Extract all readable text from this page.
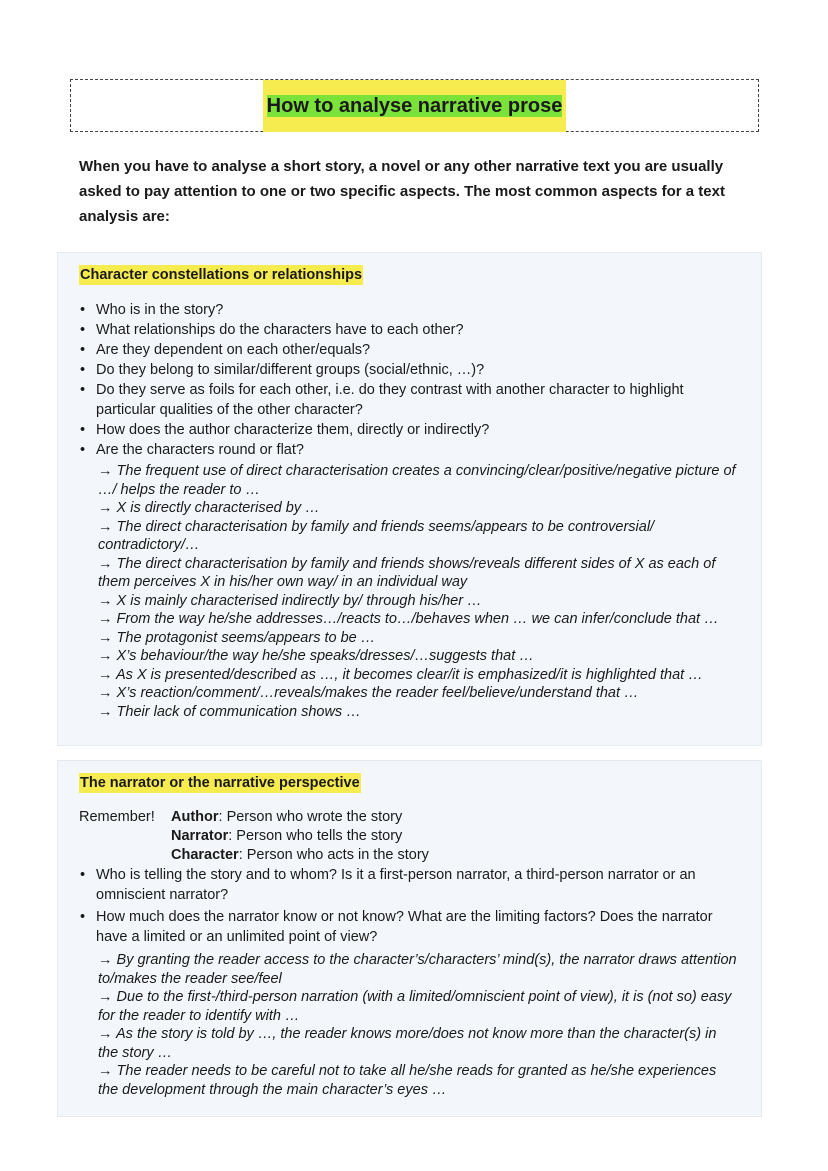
How to analyse narrative prose

When you have to analyse a short story, a novel or any other narrative text you are usually asked to pay attention to one or two specific aspects. The most common aspects for a text analysis are:

Character constellations or relationships
• Who is in the story?
• What relationships do the characters have to each other?
• Are they dependent on each other/equals?
• Do they belong to similar/different groups (social/ethnic, …)?
• Do they serve as foils for each other, i.e. do they contrast with another character to highlight particular qualities of the other character?
• How does the author characterize them, directly or indirectly?
• Are the characters round or flat?
→ The frequent use of direct characterisation creates a convincing/clear/positive/negative picture of …/ helps the reader to …
→ X is directly characterised by …
→ The direct characterisation by family and friends seems/appears to be controversial/ contradictory/…
→ The direct characterisation by family and friends shows/reveals different sides of X as each of them perceives X in his/her own way/ in an individual way
→ X is mainly characterised indirectly by/ through his/her …
→ From the way he/she addresses…/reacts to…/behaves when … we can infer/conclude that …
→ The protagonist seems/appears to be …
→ X’s behaviour/the way he/she speaks/dresses/…suggests that …
→ As X is presented/described as …, it becomes clear/it is emphasized/it is highlighted that …
→ X’s reaction/comment/…reveals/makes the reader feel/believe/understand that …
→ Their lack of communication shows …
The narrator or the narrative perspective
Remember!	Author: Person who wrote the story
Narrator: Person who tells the story
Character: Person who acts in the story
• Who is telling the story and to whom? Is it a first-person narrator, a third-person narrator or an omniscient narrator?
• How much does the narrator know or not know? What are the limiting factors? Does the narrator have a limited or an unlimited point of view?
→ By granting the reader access to the character’s/characters’ mind(s), the narrator draws attention to/makes the reader see/feel
→ Due to the first-/third-person narration (with a limited/omniscient point of view), it is (not so) easy for the reader to identify with …
→ As the story is told by …, the reader knows more/does not know more than the character(s) in the story …
→ The reader needs to be careful not to take all he/she reads for granted as he/she experiences the development through the main character’s eyes …
